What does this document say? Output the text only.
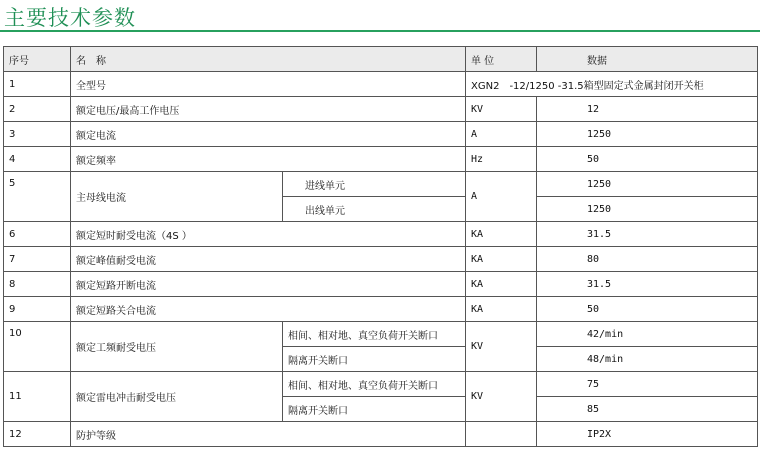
主要技术参数
序号	名　称		单 位	数据
1	全型号		XGN2　-12/1250 -31.5箱型固定式金属封闭开关柜	
2	额定电压/最高工作电压		KV	12
3	额定电流		A	1250
4	额定频率		Hz	50
5	主母线电流	进线单元	A	1250
		出线单元		1250
6	额定短时耐受电流（4S ）		KA	31.5
7	额定峰值耐受电流		KA	80
8	额定短路开断电流		KA	31.5
9	额定短路关合电流		KA	50
10	额定工频耐受电压	相间、相对地、真空负荷开关断口	KV	42/min
		隔离开关断口		48/min
11	额定雷电冲击耐受电压	相间、相对地、真空负荷开关断口	KV	75
		隔离开关断口		85
12	防护等级			IP2X
